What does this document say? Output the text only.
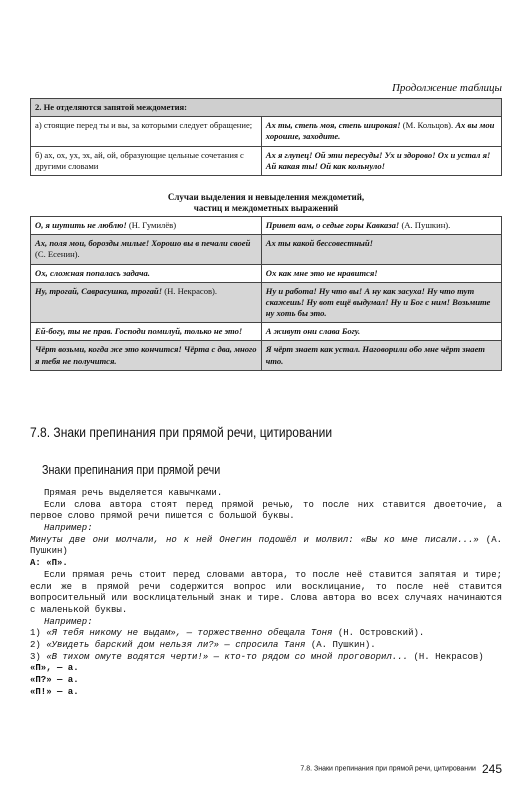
Продолжение таблицы
2. Не отделяются запятой междометия:	
а) стоящие перед ты и вы, за которыми следует обращение;	Ах ты, степь моя, степь широкая! (М. Кольцов). Ах вы мои хорошие, заходите.
б) ах, ох, ух, эх, ай, ой, образующие цельные сочетания с другими словами	Ах я глупец! Ой эти пересуды! Ух и здорово! Ох и устал я! Ай какая ты! Ой как кольнуло!
Случаи выделения и невыделения междометий,
частиц и междометных выражений
О, я шутить не люблю! (Н. Гумилёв)	Привет вам, о седые горы Кавказа! (А. Пушкин).
Ах, поля мои, борозды милые! Хорошо вы в печали своей (С. Есенин).	Ах ты какой бессовестный!
Ох, сложная попалась задача.	Ох как мне это не нравится!
Ну, трогай, Саврасушка, трогай! (Н. Некрасов).	Ну и работа! Ну что вы! А ну как засуха! Ну что тут скажешь! Ну вот ещё выдумал! Ну и Бог с ним! Возьмите ну хоть бы это.
Ей-богу, ты не прав. Господи помилуй, только не это!	А живут они слава Богу.
Чёрт возьми, когда же это кончится! Чёрта с два, много я тебя не получится.	Я чёрт знает как устал. Наговорили обо мне чёрт знает что.
7.8. Знаки препинания при прямой речи, цитировании
Знаки препинания при прямой речи

Прямая речь выделяется кавычками.

Если слова автора стоят перед прямой речью, то после них ставится двоеточие, а первое слово прямой речи пишется с большой буквы.

Например:

Минуты две они молчали, но к ней Онегин подошёл и молвил: «Вы ко мне писали...» (А. Пушкин)

А: «П».

Если прямая речь стоит перед словами автора, то после неё ставится запятая и тире; если же в прямой речи содержится вопрос или восклицание, то после неё ставится вопросительный или восклицательный знак и тире. Слова автора во всех случаях начинаются с маленькой буквы.

Например:

1) «Я тебя никому не выдам», — торжественно обещала Тоня (Н. Островский).

2) «Увидеть барский дом нельзя ли?» — спросила Таня (А. Пушкин).

3) «В тихом омуте водятся черти!» — кто-то рядом со мной проговорил... (Н. Некрасов)

«П», — а.

«П?» — а.

«П!» — а.

7.8. Знаки препинания при прямой речи, цитировании 245
